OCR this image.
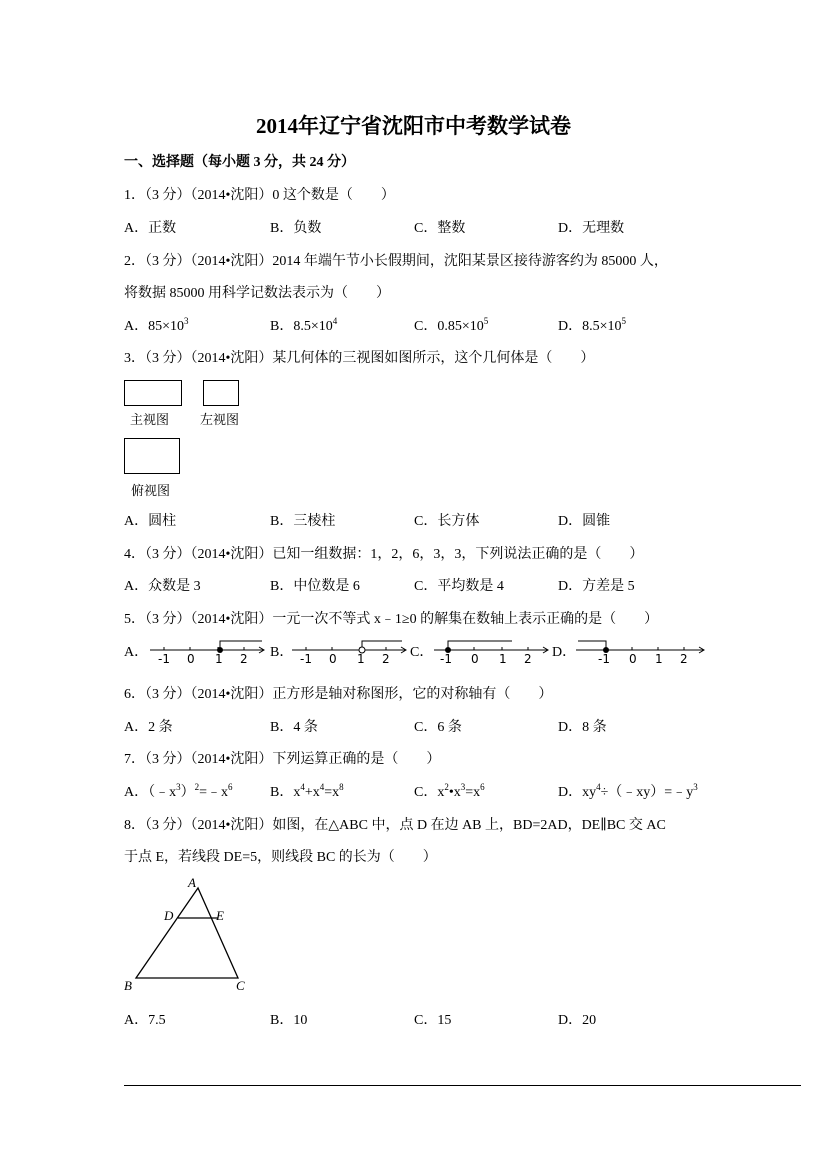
2014年辽宁省沈阳市中考数学试卷
一、选择题（每小题 3 分，共 24 分）
1．（3 分）（2014•沈阳）0 这个数是（　　）
A．正数	B．负数	C．整数	D．无理数
2．（3 分）（2014•沈阳）2014 年端午节小长假期间，沈阳某景区接待游客约为 85000 人，
将数据 85000 用科学记数法表示为（　　）
A．$85\times 10^3$	B．$8.5\times 10^4$	C．$0.85\times 10^5$	D．$8.5\times 10^5$
3．（3 分）（2014•沈阳）某几何体的三视图如图所示，这个几何体是（　　）
主视图 左视图
俯视图
A．圆柱	B．三棱柱	C．长方体	D．圆锥
4．（3 分）（2014•沈阳）已知一组数据：1，2，6，3，3，下列说法正确的是（　　）
A．众数是 3	B．中位数是 6	C．平均数是 4	D．方差是 5
5．（3 分）（2014•沈阳）一元一次不等式 x﹣1≥0 的解集在数轴上表示正确的是（　　）
A． -1 0 1 2 B． -1 0 1 2 C． -1 0 1 2 D． -1 0 1 2
6．（3 分）（2014•沈阳）正方形是轴对称图形，它的对称轴有（　　）
A．2 条	B．4 条	C．6 条	D．8 条
7．（3 分）（2014•沈阳）下列运算正确的是（　　）
A．$(﹣x^3)^2=﹣x^6$	B．$x^4+x^4=x^8$	C．$x^2•x^3=x^6$	D．$xy^4\div(﹣xy)=﹣y^3$
8．（3 分）（2014•沈阳）如图，在△ABC 中，点 D 在边 AB 上，BD=2AD，DE∥BC 交 AC
于点 E，若线段 DE=5，则线段 BC 的长为（　　）
A
D	E
B	C
A．7.5	B．10	C．15	D．20
